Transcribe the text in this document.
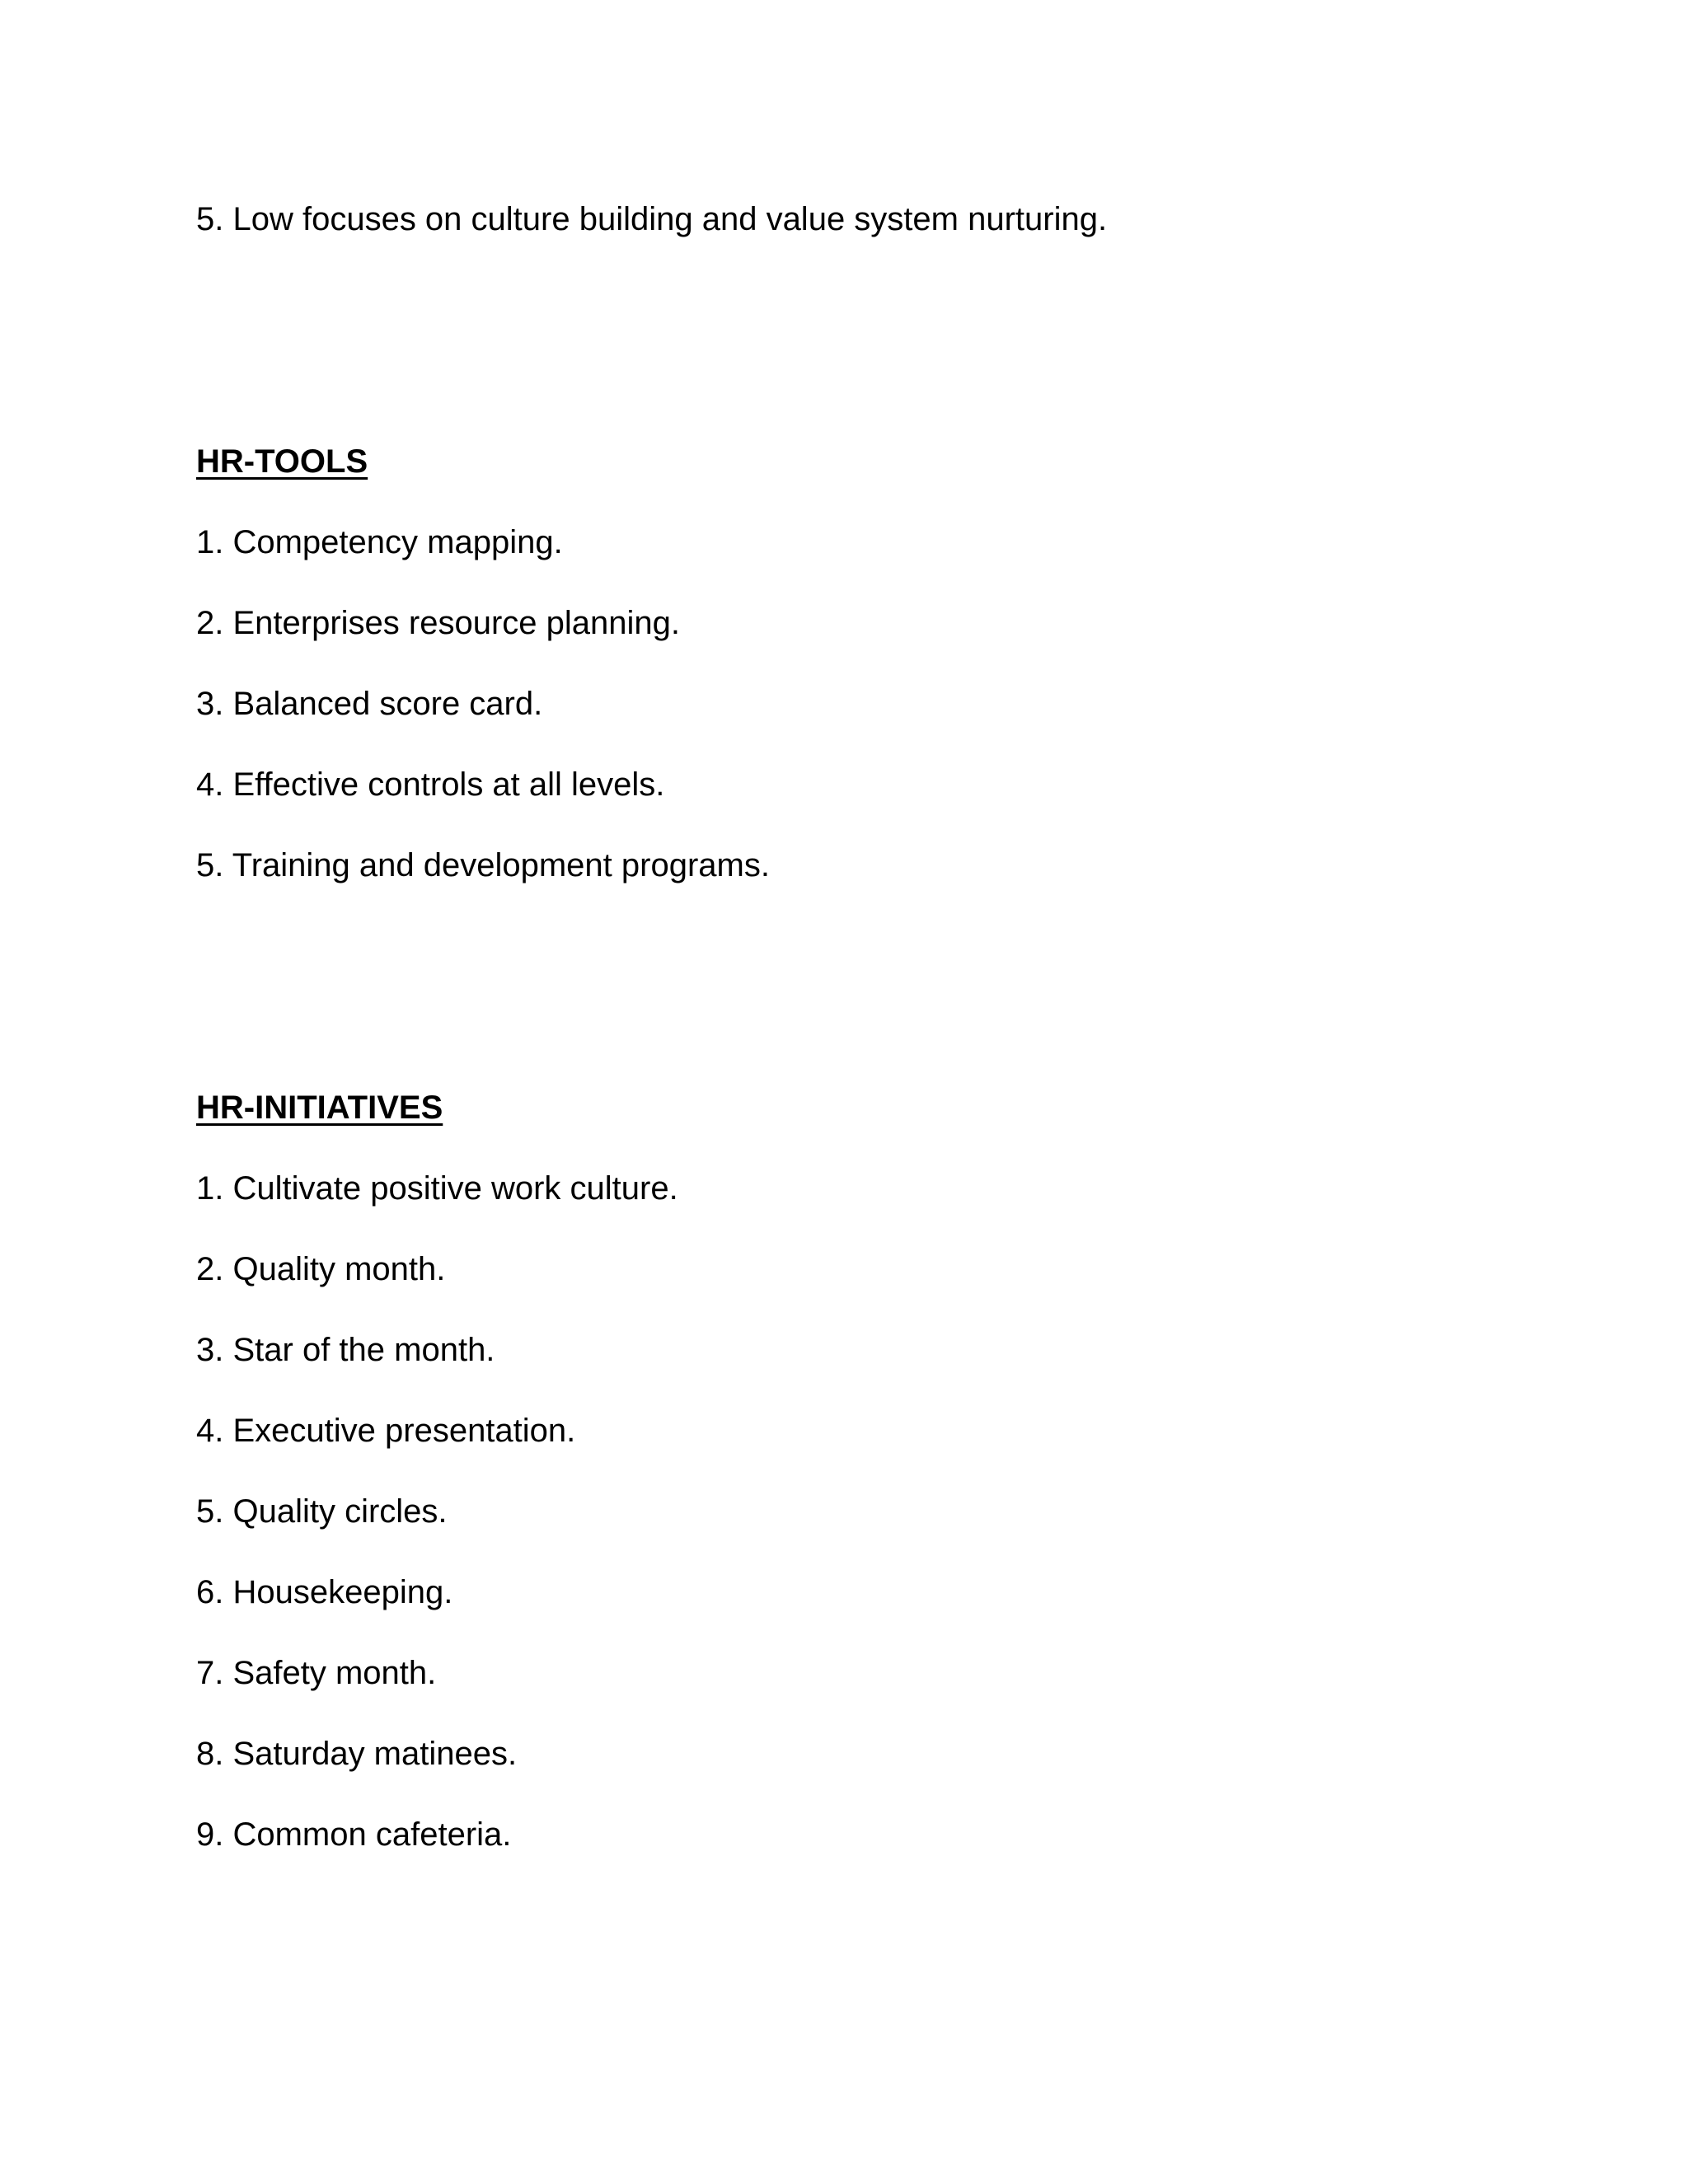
5. Low focuses on culture building and value system nurturing.

HR-TOOLS

1. Competency mapping.

2. Enterprises resource planning.

3. Balanced score card.

4. Effective controls at all levels.

5. Training and development programs.

HR-INITIATIVES

1. Cultivate positive work culture.

2. Quality month.

3. Star of the month.

4. Executive presentation.

5. Quality circles.

6. Housekeeping.

7. Safety month.

8. Saturday matinees.

9. Common cafeteria.
